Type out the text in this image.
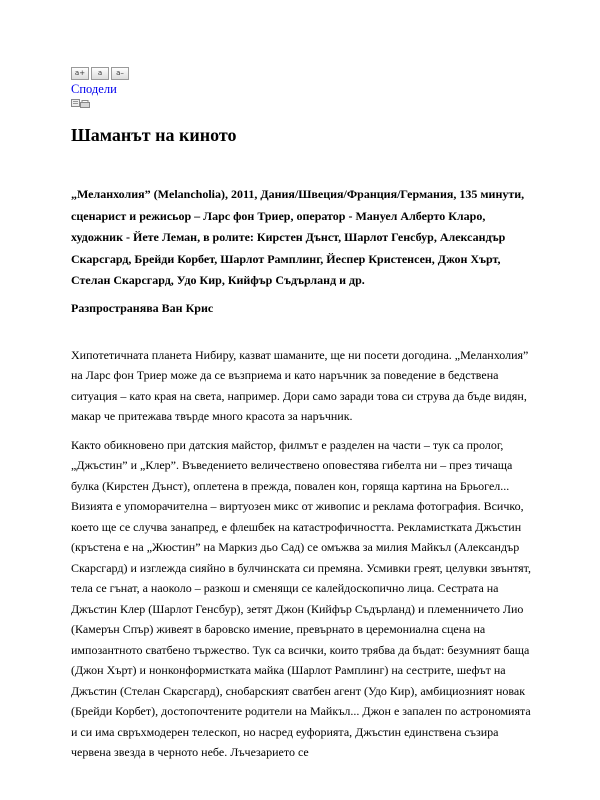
a+	a	a–
Сподели
Шаманът на киното
„Меланхолия” (Melancholia), 2011, Дания/Швеция/Франция/Германия, 135 минути, сценарист и режисьор – Ларс фон Триер, оператор - Мануел Алберто Кларо, художник - Йете Леман, в ролите: Кирстен Дънст, Шарлот Генсбур, Александър Скарсгард, Брейди Корбет, Шарлот Рамплинг, Йеспер Кристенсен, Джон Хърт, Стелан Скарсгард, Удо Кир, Кийфър Съдърланд и др.
Разпространява Ван Крис

Хипотетичната планета Нибиру, казват шаманите, ще ни посети догодина. „Меланхолия” на Ларс фон Триер може да се възприема и като наръчник за поведение в бедствена ситуация – като края на света, например. Дори само заради това си струва да бъде видян, макар че притежава твърде много красота за наръчник.

Както обикновено при датския майстор, филмът е разделен на части – тук са пролог, „Джъстин” и „Клер”. Въведението величествено оповестява гибелта ни – през тичаща булка (Кирстен Дънст), оплетена в прежда, повален кон, горяща картина на Брьогел... Визията е упоморачителна – виртуозен микс от живопис и реклама фотография. Всичко, което ще се случва занапред, е флешбек на катастрофичността. Рекламистката Джъстин (кръстена е на „Жюстин” на Маркиз дьо Сад) се омъжва за милия Майкъл (Александър Скарсгард) и изглежда сияйно в булчинската си премяна. Усмивки греят, целувки звънтят, тела се гънат, а наоколо – разкош и сменящи се калейдоскопично лица. Сестрата на Джъстин Клер (Шарлот Генсбур), зетят Джон (Кийфър Съдърланд) и племенничето Лио (Камерън Спър) живеят в баровско имение, превърнато в церемониална сцена на импозантното сватбено тържество. Тук са всички, които трябва да бъдат: безумният баща (Джон Хърт) и нонконформистката майка (Шарлот Рамплинг) на сестрите, шефът на Джъстин (Стелан Скарсгард), снобарският сватбен агент (Удо Кир), амбициозният новак (Брейди Корбет), достопочтените родители на Майкъл... Джон е запален по астрономията и си има свръхмодерен телескоп, но насред еуфорията, Джъстин единствена съзира червена звезда в черното небе. Лъчезарието се
